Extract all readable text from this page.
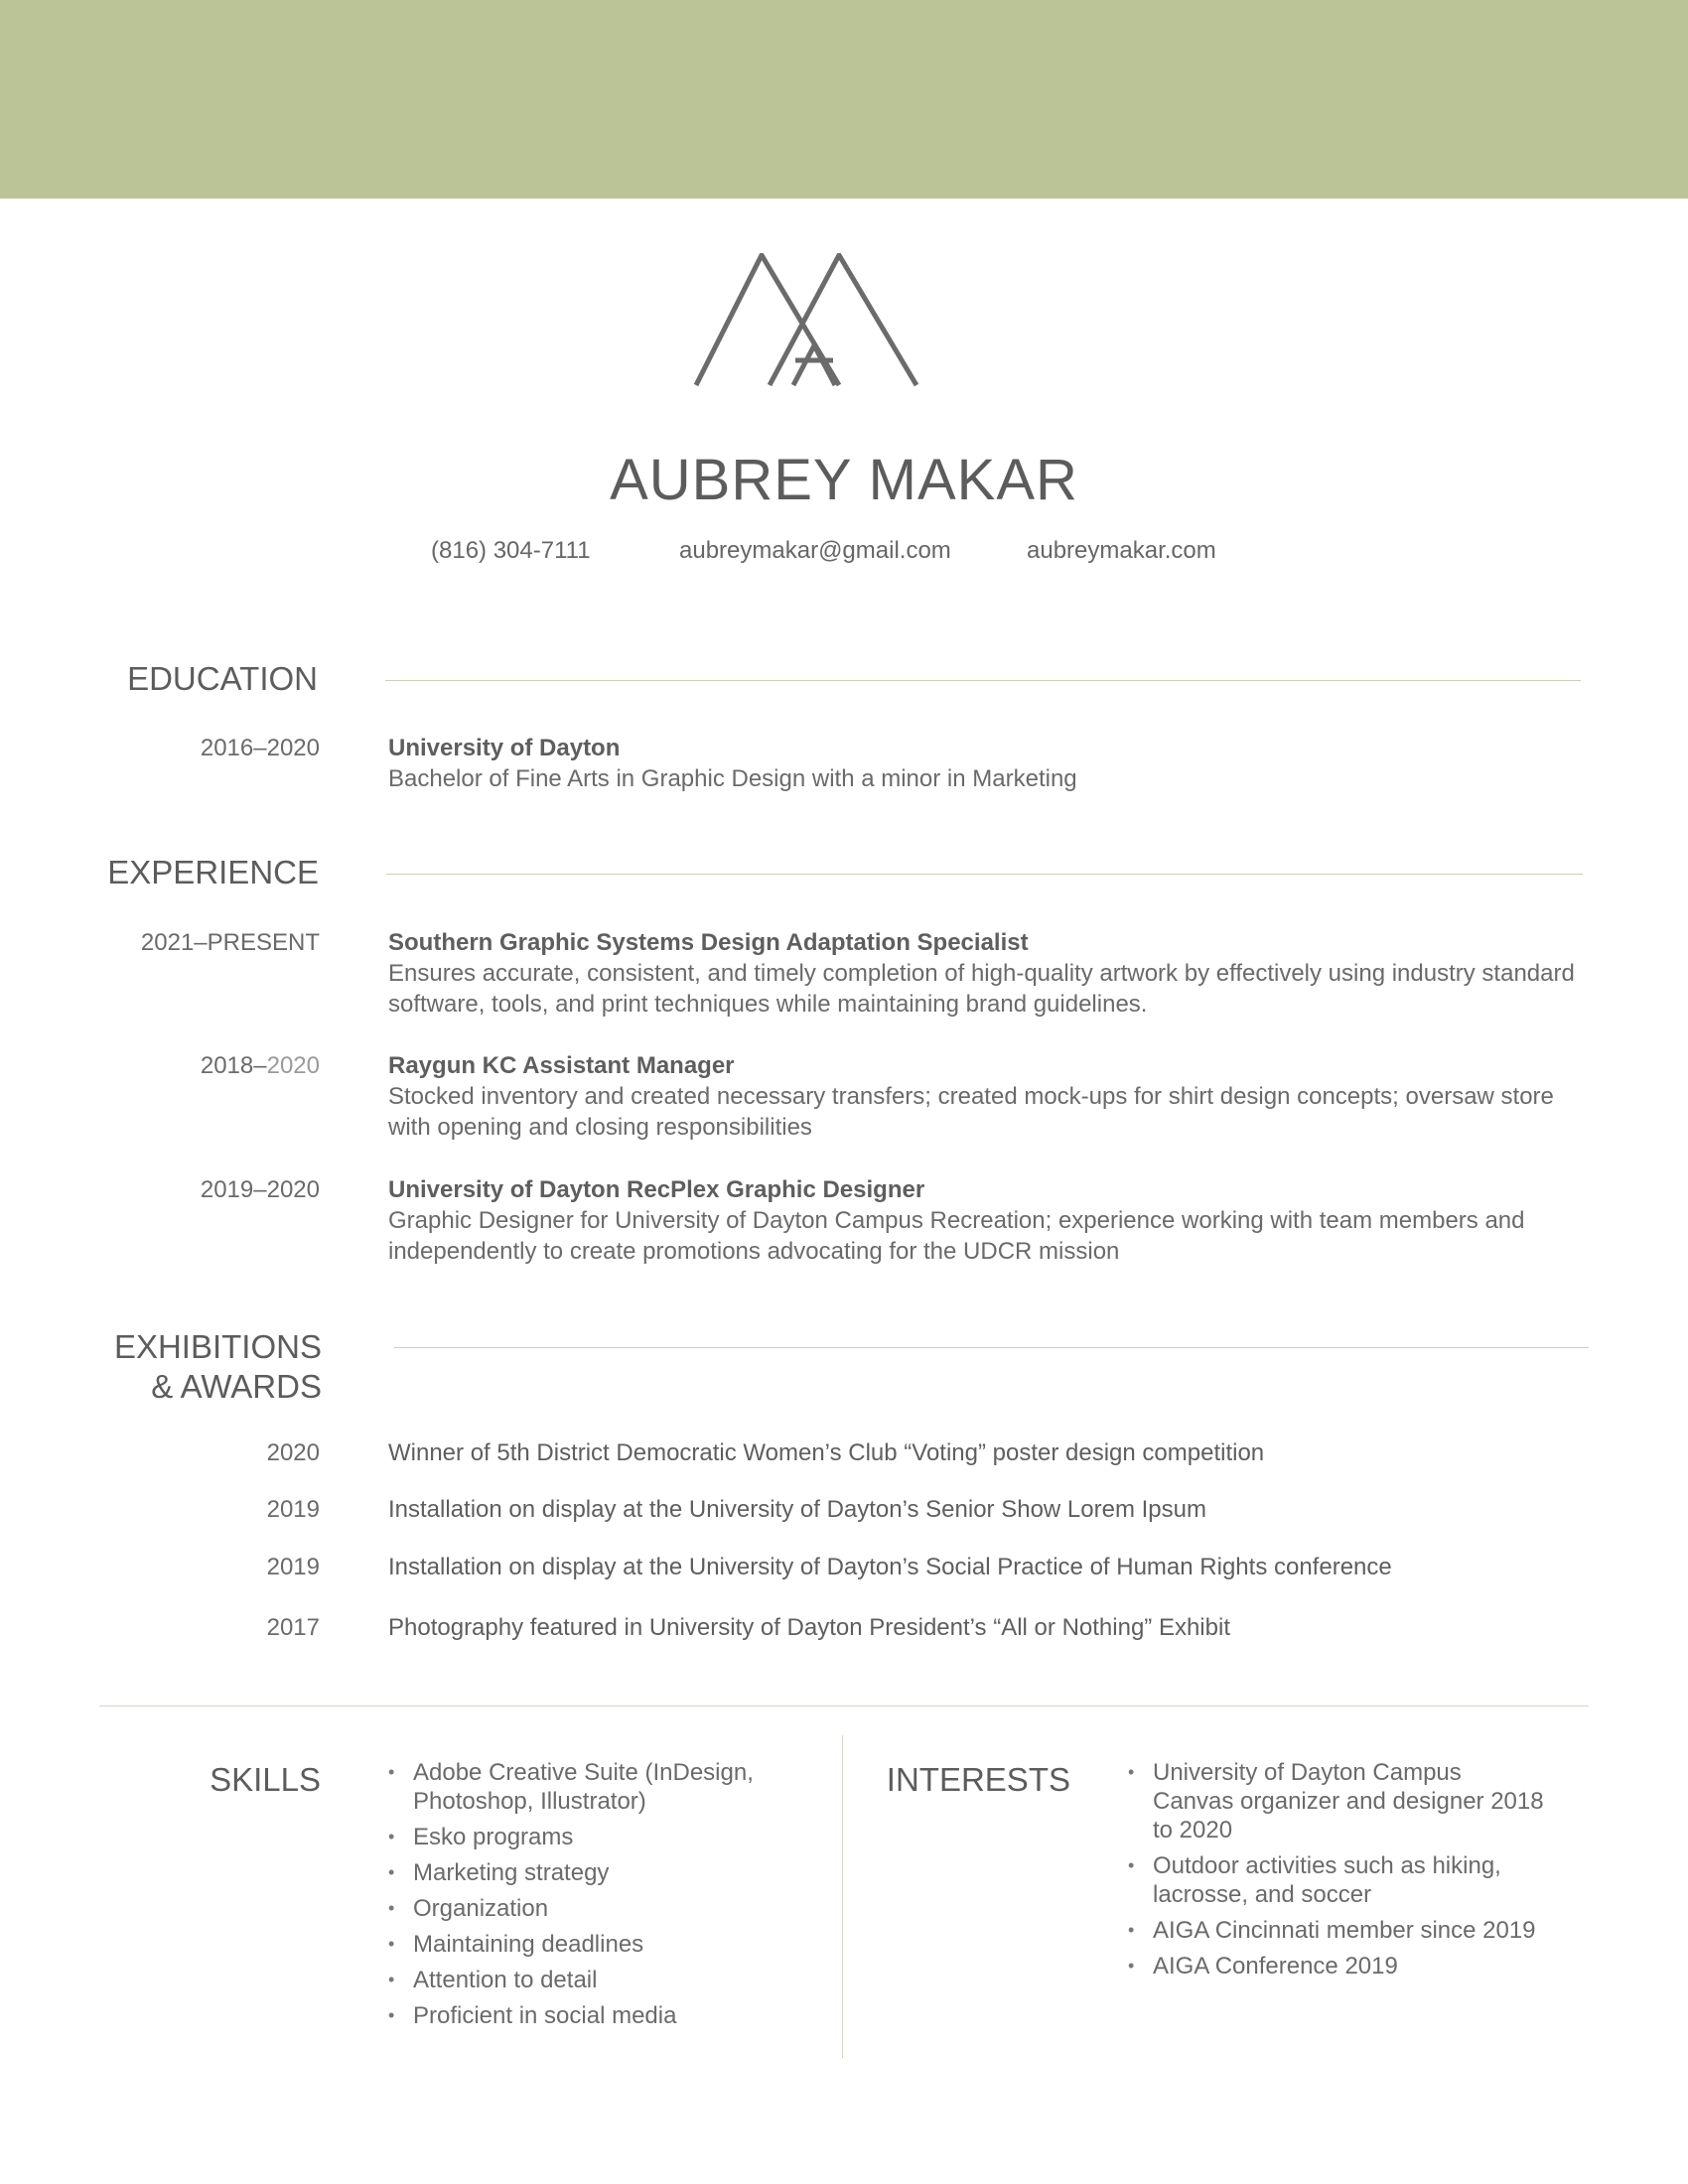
AUBREY MAKAR
(816) 304-7111	aubreymakar@gmail.com	aubreymakar.com
EDUCATION
2016–2020	University of Dayton
Bachelor of Fine Arts in Graphic Design with a minor in Marketing
EXPERIENCE
2021–PRESENT	Southern Graphic Systems Design Adaptation Specialist
Ensures accurate, consistent, and timely completion of high-quality artwork by effectively using industry standard software, tools, and print techniques while maintaining brand guidelines.
2018–2020	Raygun KC Assistant Manager
Stocked inventory and created necessary transfers; created mock-ups for shirt design concepts; oversaw store with opening and closing responsibilities
2019–2020	University of Dayton RecPlex Graphic Designer
Graphic Designer for University of Dayton Campus Recreation; experience working with team members and independently to create promotions advocating for the UDCR mission
EXHIBITIONS
& AWARDS
2020	Winner of 5th District Democratic Women’s Club “Voting” poster design competition
2019	Installation on display at the University of Dayton’s Senior Show Lorem Ipsum
2019	Installation on display at the University of Dayton’s Social Practice of Human Rights conference
2017	Photography featured in University of Dayton President’s “All or Nothing” Exhibit
SKILLS	• Adobe Creative Suite (InDesign, Photoshop, Illustrator)
• Esko programs
• Marketing strategy
• Organization
• Maintaining deadlines
• Attention to detail
• Proficient in social media
INTERESTS	• University of Dayton Campus Canvas organizer and designer 2018 to 2020
• Outdoor activities such as hiking, lacrosse, and soccer
• AIGA Cincinnati member since 2019
• AIGA Conference 2019
